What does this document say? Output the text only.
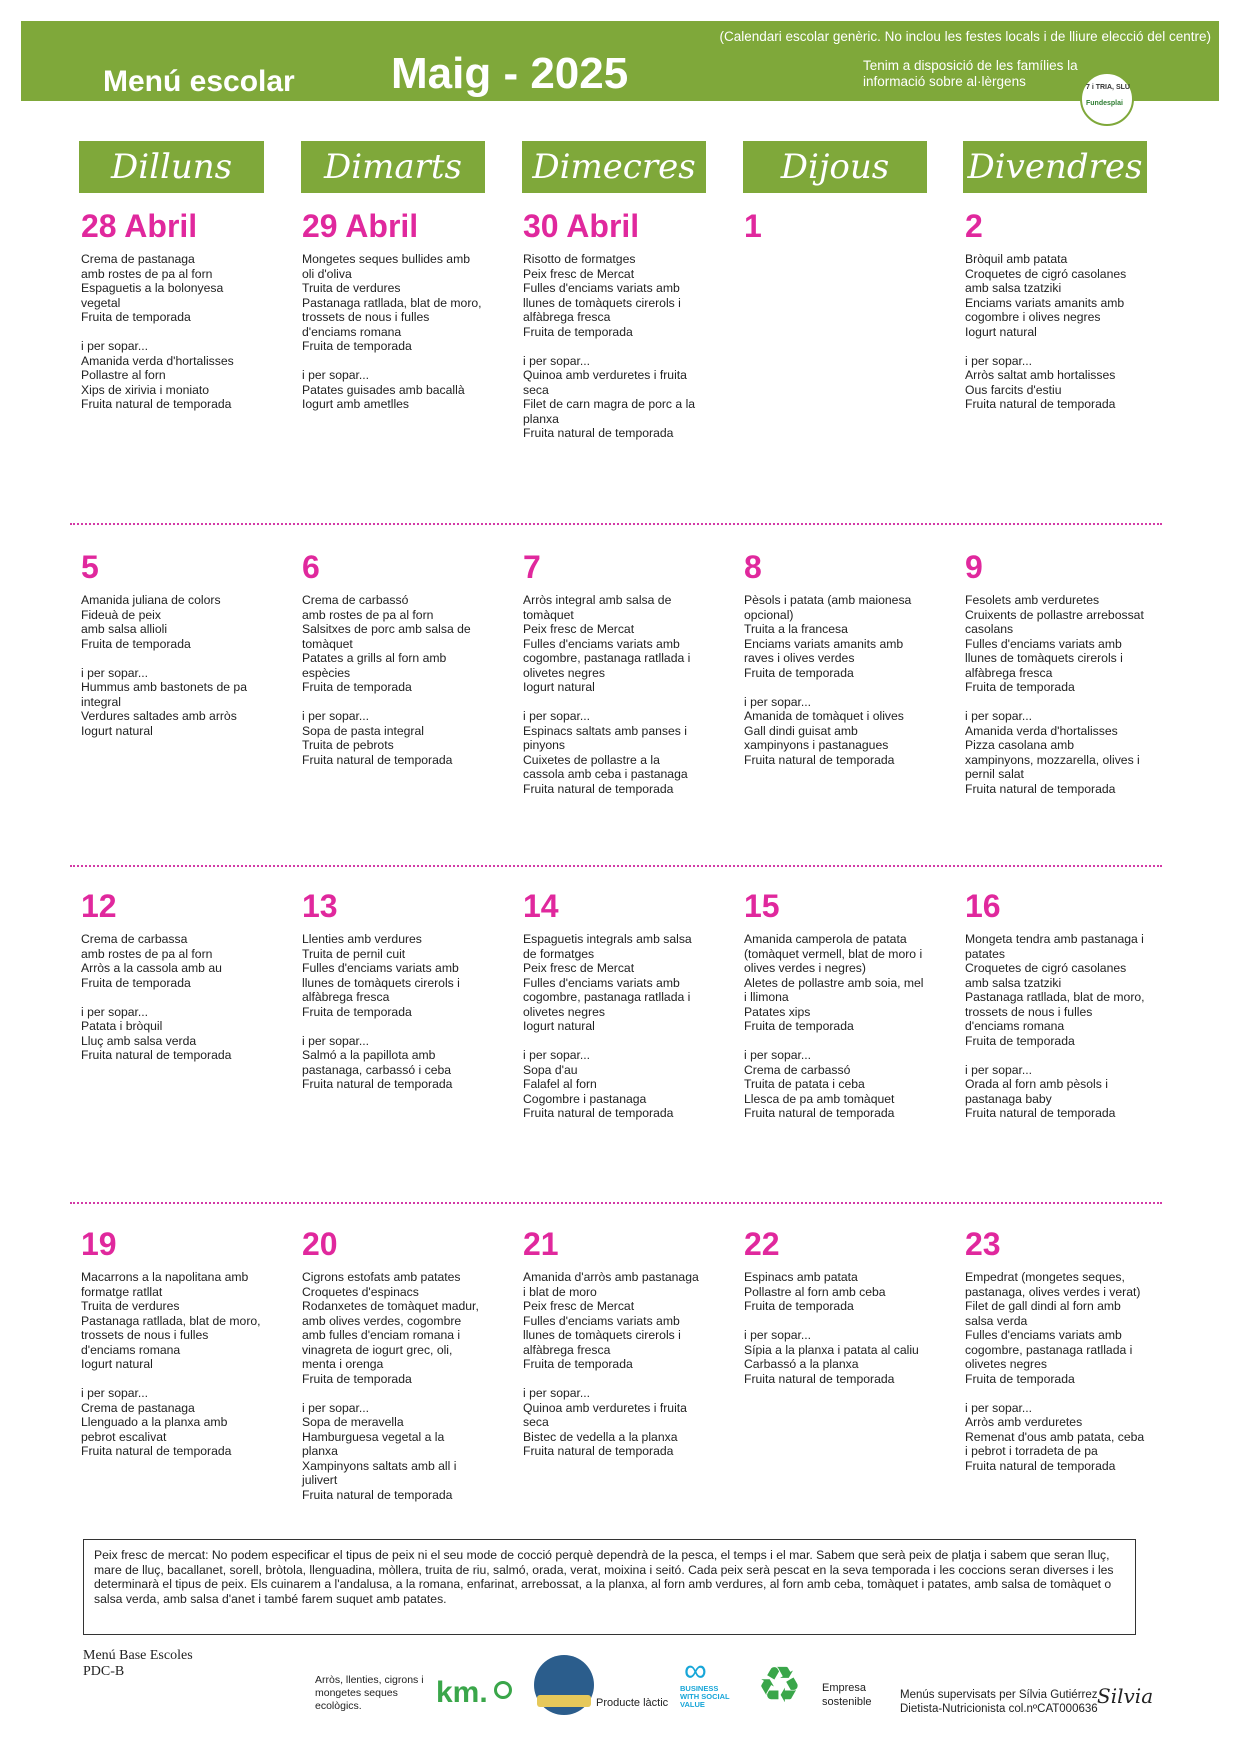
(Calendari escolar genèric. No inclou les festes locals i de lliure elecció del centre)
Menú escolar Maig - 2025	Tenim a disposició de les famílies la informació sobre al·lèrgens	7 i TRIA, SLU
Fundesplai
Dilluns	Dimarts	Dimecres	Dijous	Divendres
28 Abril
Crema de pastanaga
amb rostes de pa al forn
Espaguetis a la bolonyesa
vegetal
Fruita de temporada

i per sopar...
Amanida verda d'hortalisses
Pollastre al forn
Xips de xirivia i moniato
Fruita natural de temporada
29 Abril
Mongetes seques bullides amb
oli d'oliva
Truita de verdures
Pastanaga ratllada, blat de moro,
trossets de nous i fulles
d'enciams romana
Fruita de temporada

i per sopar...
Patates guisades amb bacallà
Iogurt amb ametlles
30 Abril
Risotto de formatges
Peix fresc de Mercat
Fulles d'enciams variats amb
llunes de tomàquets cirerols i
alfàbrega fresca
Fruita de temporada

i per sopar...
Quinoa amb verduretes i fruita
seca
Filet de carn magra de porc a la
planxa
Fruita natural de temporada
1	2
Bròquil amb patata
Croquetes de cigró casolanes
amb salsa tzatziki
Enciams variats amanits amb
cogombre i olives negres
Iogurt natural

i per sopar...
Arròs saltat amb hortalisses
Ous farcits d'estiu
Fruita natural de temporada
5
Amanida juliana de colors
Fideuà de peix
amb salsa allioli
Fruita de temporada

i per sopar...
Hummus amb bastonets de pa
integral
Verdures saltades amb arròs
Iogurt natural
6
Crema de carbassó
amb rostes de pa al forn
Salsitxes de porc amb salsa de
tomàquet
Patates a grills al forn amb
espècies
Fruita de temporada

i per sopar...
Sopa de pasta integral
Truita de pebrots
Fruita natural de temporada
7
Arròs integral amb salsa de
tomàquet
Peix fresc de Mercat
Fulles d'enciams variats amb
cogombre, pastanaga ratllada i
olivetes negres
Iogurt natural

i per sopar...
Espinacs saltats amb panses i
pinyons
Cuixetes de pollastre a la
cassola amb ceba i pastanaga
Fruita natural de temporada
8
Pèsols i patata (amb maionesa
opcional)
Truita a la francesa
Enciams variats amanits amb
raves i olives verdes
Fruita de temporada

i per sopar...
Amanida de tomàquet i olives
Gall dindi guisat amb
xampinyons i pastanagues
Fruita natural de temporada
9
Fesolets amb verduretes
Cruixents de pollastre arrebossat
casolans
Fulles d'enciams variats amb
llunes de tomàquets cirerols i
alfàbrega fresca
Fruita de temporada

i per sopar...
Amanida verda d'hortalisses
Pizza casolana amb
xampinyons, mozzarella, olives i
pernil salat
Fruita natural de temporada
12
Crema de carbassa
amb rostes de pa al forn
Arròs a la cassola amb au
Fruita de temporada

i per sopar...
Patata i bròquil
Lluç amb salsa verda
Fruita natural de temporada
13
Llenties amb verdures
Truita de pernil cuit
Fulles d'enciams variats amb
llunes de tomàquets cirerols i
alfàbrega fresca
Fruita de temporada

i per sopar...
Salmó a la papillota amb
pastanaga, carbassó i ceba
Fruita natural de temporada
14
Espaguetis integrals amb salsa
de formatges
Peix fresc de Mercat
Fulles d'enciams variats amb
cogombre, pastanaga ratllada i
olivetes negres
Iogurt natural

i per sopar...
Sopa d'au
Falafel al forn
Cogombre i pastanaga
Fruita natural de temporada
15
Amanida camperola de patata
(tomàquet vermell, blat de moro i
olives verdes i negres)
Aletes de pollastre amb soia, mel
i llimona
Patates xips
Fruita de temporada

i per sopar...
Crema de carbassó
Truita de patata i ceba
Llesca de pa amb tomàquet
Fruita natural de temporada
16
Mongeta tendra amb pastanaga i
patates
Croquetes de cigró casolanes
amb salsa tzatziki
Pastanaga ratllada, blat de moro,
trossets de nous i fulles
d'enciams romana
Fruita de temporada

i per sopar...
Orada al forn amb pèsols i
pastanaga baby
Fruita natural de temporada
19
Macarrons a la napolitana amb
formatge ratllat
Truita de verdures
Pastanaga ratllada, blat de moro,
trossets de nous i fulles
d'enciams romana
Iogurt natural

i per sopar...
Crema de pastanaga
Llenguado a la planxa amb
pebrot escalivat
Fruita natural de temporada
20
Cigrons estofats amb patates
Croquetes d'espinacs
Rodanxetes de tomàquet madur,
amb olives verdes, cogombre
amb fulles d'enciam romana i
vinagreta de iogurt grec, oli,
menta i orenga
Fruita de temporada

i per sopar...
Sopa de meravella
Hamburguesa vegetal a la
planxa
Xampinyons saltats amb all i
julivert
Fruita natural de temporada
21
Amanida d'arròs amb pastanaga
i blat de moro
Peix fresc de Mercat
Fulles d'enciams variats amb
llunes de tomàquets cirerols i
alfàbrega fresca
Fruita de temporada

i per sopar...
Quinoa amb verduretes i fruita
seca
Bistec de vedella a la planxa
Fruita natural de temporada
22
Espinacs amb patata
Pollastre al forn amb ceba
Fruita de temporada

i per sopar...
Sípia a la planxa i patata al caliu
Carbassó a la planxa
Fruita natural de temporada
23
Empedrat (mongetes seques,
pastanaga, olives verdes i verat)
Filet de gall dindi al forn amb
salsa verda
Fulles d'enciams variats amb
cogombre, pastanaga ratllada i
olivetes negres
Fruita de temporada

i per sopar...
Arròs amb verduretes
Remenat d'ous amb patata, ceba
i pebrot i torradeta de pa
Fruita natural de temporada
Peix fresc de mercat: No podem especificar el tipus de peix ni el seu mode de cocció perquè dependrà de la pesca, el temps i el mar. Sabem que serà peix de platja i sabem que seran lluç, mare de lluç, bacallanet, sorell, bròtola, llenguadina, mòllera, truita de riu, salmó, orada, verat, moixina i seitó. Cada peix serà pescat en la seva temporada i les coccions seran diverses i les determinarà el tipus de peix. Els cuinarem a l'andalusa, a la romana, enfarinat, arrebossat, a la planxa, al forn amb verdures, al forn amb ceba, tomàquet i patates, amb salsa de tomàquet o salsa verda, amb salsa d'anet i també farem suquet amb patates.
Menú Base Escoles
PDC-B
Arròs, llenties, cigrons i mongetes seques ecològics.	km.	Producte làctic
∞
BUSINESS WITH SOCIAL VALUE	♻ Empresa
sostenible
Menús supervisats per Sílvia Gutiérrez
Dietista-Nutricionista col.nºCAT000636
Silvia
